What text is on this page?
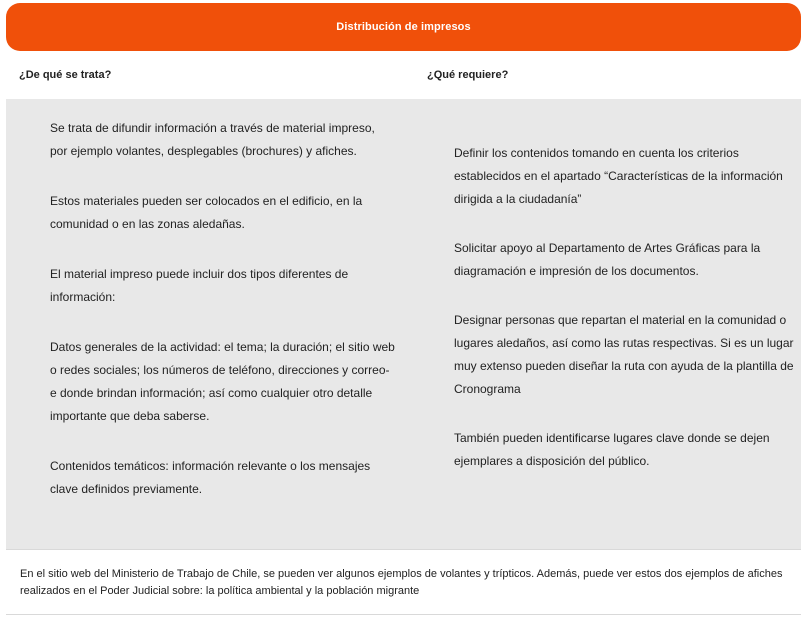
Distribución de impresos
¿De qué se trata?	¿Qué requiere?

Se trata de difundir información a través de material impreso, por ejemplo volantes, desplegables (brochures) y afiches.

Estos materiales pueden ser colocados en el edificio, en la comunidad o en las zonas aledañas.

El material impreso puede incluir dos tipos diferentes de información:

Datos generales de la actividad: el tema; la duración; el sitio web o redes sociales; los números de teléfono, direcciones y correo-e donde brindan información; así como cualquier otro detalle importante que deba saberse.

Contenidos temáticos: información relevante o los mensajes clave definidos previamente.

Definir los contenidos tomando en cuenta los criterios establecidos en el apartado “Características de la información dirigida a la ciudadanía”

Solicitar apoyo al Departamento de Artes Gráficas para la diagramación e impresión de los documentos.

Designar personas que repartan el material en la comunidad o lugares aledaños, así como las rutas respectivas. Si es un lugar muy extenso pueden diseñar la ruta con ayuda de la plantilla de Cronograma

También pueden identificarse lugares clave donde se dejen ejemplares a disposición del público.

En el sitio web del Ministerio de Trabajo de Chile, se pueden ver algunos ejemplos de volantes y trípticos. Además, puede ver estos dos ejemplos de afiches realizados en el Poder Judicial sobre: la política ambiental y la población migrante
